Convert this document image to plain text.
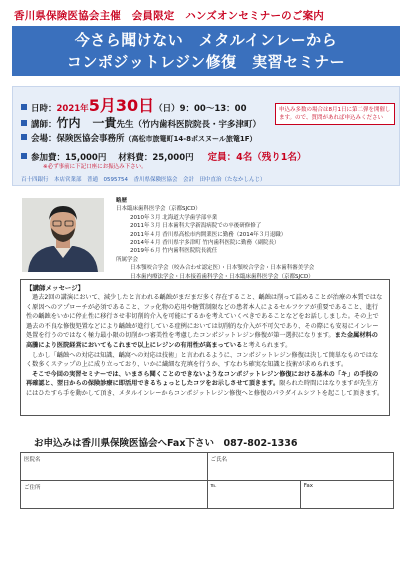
香川県保険医協会主催　会員限定　ハンズオンセミナーのご案内
今さら聞けない　メタルインレーから
コンポジットレジン修復　実習セミナー
日時： 2021年 5月30日 （日）9：00～13：00	申込み多数の場合は8月1日に第二弾を開催します。ので、質問があれば申込みください
講師： 竹内　一貴 先生（竹内歯科医院院長・宇多津町）
会場： 保険医協会事務所 （高松市旅篭町14-8ポスヌール旅篭1F）
参加費： 15,000円 材料費：25,000円 定員：4名（残り1名）
※必ず事前に下記口座にお振込み下さい。
百十四銀行　本店営業部　普通　0595754　香川県保険医協会　会計　田中直治（たなかしんじ）
略歴
日本臨床歯科医学会（京都SJCD）
2010年３月 北海道大学歯学部卒業
2011年３月 日本歯科大学新潟病院での卒後研修修了
2011年４月 香川県高松市内開業医に勤務（2014年３月退職）
2014年４月 香川県宇多津町 竹内歯科医院に勤務（副院長）
2019年６月 竹内歯科医院院長就任
所属学会
日本顎咬合学会（咬み合わせ認定医）・日本顎咬合学会・日本歯科審美学会
日本歯内療法学会・日本接着歯科学会・日本臨床歯科医学会（京都SJCD）
【講師メッセージ】

過去2回の講演において、減少したと言われる齲蝕がまだまだ多く存在すること、齲蝕は削って詰めることが治療の本質ではなく原因へのアプローチが必須であること、フッ化物の応用や糖質制限などの患者本人によるセルフケアが重要であること、進行性の齲蝕をいかに停止性に移行させ非切削的介入を可能にするかを考えていくべきであることなどをお話ししました。その上で過去の不良な修復処置などにより齲蝕が進行している症例においては切削的な介入が不可欠であり、その際にも安易にインレー処置を行うのではなく極力最小限の切削かつ審美性を考慮したコンポジットレジン修復が第一選択になります。また金属材料の高騰により医院経営においてもこれまで以上にレジンの有用性が高まっていると考えられます。

しかし「齲蝕への対応は知識、齲窩への対応は技術」と言われるように、コンポジットレジン修復は決して簡単なものではなく数多くステップの上に成り立っており、いかに繊細な充填を行うか、すなわち確実な知識と技術が求められます。

そこで今回の実習セミナーでは、いまさら聞くことのできないようなコンポジットレジン修復における基本の「キ」の手技の再確認と、翌日からの保険診療に即活用できるちょっとしたコツをお示しさせて頂きます。限られた時間にはなりますが先生方にはひたすら手を動かして頂き、メタルインレーからコンポジットレジン修復へと修復のパラダイムシフトを起こして頂きます。

お申込みは香川県保険医協会へFax下さい　087-802-1336
医院名	ご氏名	
ご住所	℡	Fax
